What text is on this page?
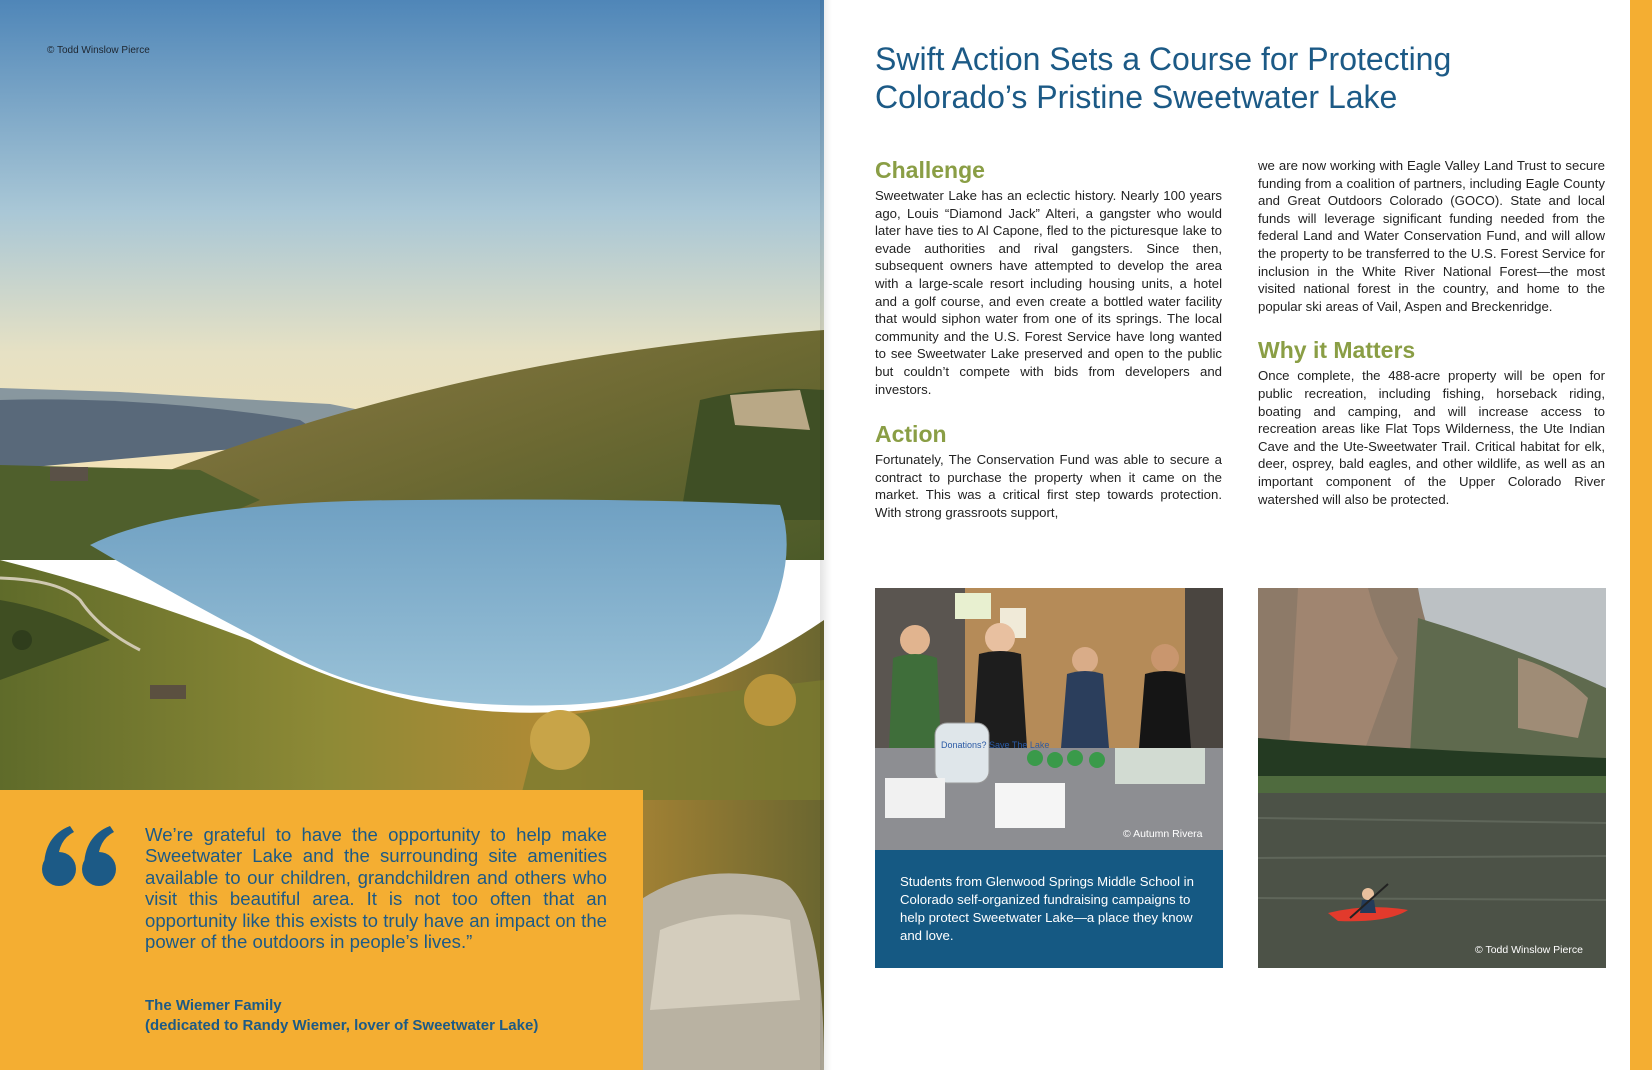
© Todd Winslow Pierce
We’re grateful to have the opportunity to help make Sweetwater Lake and the surrounding site amenities available to our children, grandchildren and others who visit this beautiful area. It is not too often that an opportunity like this exists to truly have an impact on the power of the outdoors in people’s lives.”
The Wiemer Family
(dedicated to Randy Wiemer, lover of Sweetwater Lake)
Swift Action Sets a Course for Protecting
Colorado’s Pristine Sweetwater Lake
Challenge

Sweetwater Lake has an eclectic history. Nearly 100 years ago, Louis “Diamond Jack” Alteri, a gangster who would later have ties to Al Capone, fled to the picturesque lake to evade authorities and rival gangsters. Since then, subsequent owners have attempted to develop the area with a large-scale resort including housing units, a hotel and a golf course, and even create a bottled water facility that would siphon water from one of its springs. The local community and the U.S. Forest Service have long wanted to see Sweetwater Lake preserved and open to the public but couldn’t compete with bids from developers and investors.

Action

Fortunately, The Conservation Fund was able to secure a contract to purchase the property when it came on the market. This was a critical first step towards protection. With strong grassroots support,

we are now working with Eagle Valley Land Trust to secure funding from a coalition of partners, including Eagle County and Great Outdoors Colorado (GOCO). State and local funds will leverage significant funding needed from the federal Land and Water Conservation Fund, and will allow the property to be transferred to the U.S. Forest Service for inclusion in the White River National Forest—the most visited national forest in the country, and home to the popular ski areas of Vail, Aspen and Breckenridge.

Why it Matters

Once complete, the 488-acre property will be open for public recreation, including fishing, horseback riding, boating and camping, and will increase access to recreation areas like Flat Tops Wilderness, the Ute Indian Cave and the Ute-Sweetwater Trail. Critical habitat for elk, deer, osprey, bald eagles, and other wildlife, as well as an important component of the Upper Colorado River watershed will also be protected.

Donations? Save The Lake
© Autumn Rivera
Students from Glenwood Springs Middle School in Colorado self-organized fundraising campaigns to help protect Sweetwater Lake—a place they know and love.
© Todd Winslow Pierce
